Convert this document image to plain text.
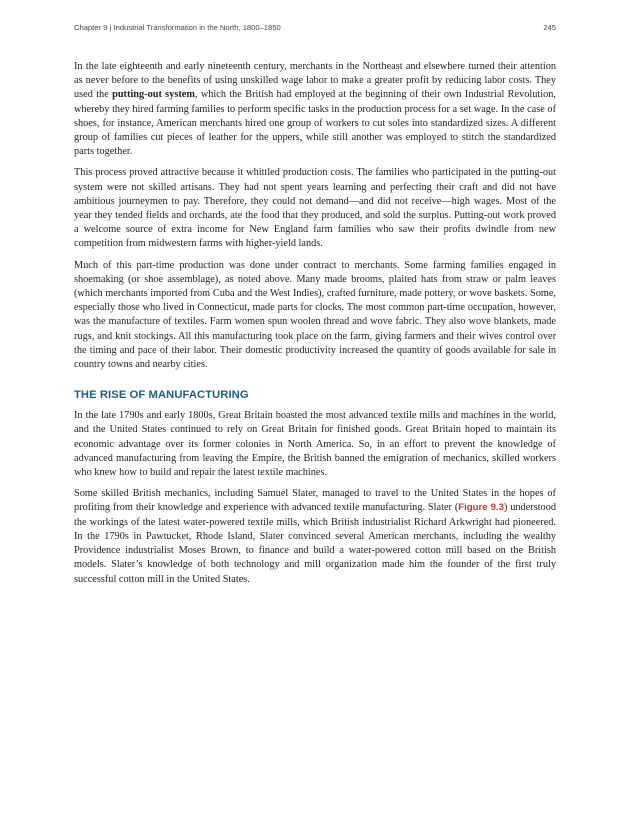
Chapter 9 | Industrial Transformation in the North, 1800–1850	245

In the late eighteenth and early nineteenth century, merchants in the Northeast and elsewhere turned their attention as never before to the benefits of using unskilled wage labor to make a greater profit by reducing labor costs. They used the putting-out system, which the British had employed at the beginning of their own Industrial Revolution, whereby they hired farming families to perform specific tasks in the production process for a set wage. In the case of shoes, for instance, American merchants hired one group of workers to cut soles into standardized sizes. A different group of families cut pieces of leather for the uppers, while still another was employed to stitch the standardized parts together.

This process proved attractive because it whittled production costs. The families who participated in the putting-out system were not skilled artisans. They had not spent years learning and perfecting their craft and did not have ambitious journeymen to pay. Therefore, they could not demand—and did not receive—high wages. Most of the year they tended fields and orchards, ate the food that they produced, and sold the surplus. Putting-out work proved a welcome source of extra income for New England farm families who saw their profits dwindle from new competition from midwestern farms with higher-yield lands.

Much of this part-time production was done under contract to merchants. Some farming families engaged in shoemaking (or shoe assemblage), as noted above. Many made brooms, plaited hats from straw or palm leaves (which merchants imported from Cuba and the West Indies), crafted furniture, made pottery, or wove baskets. Some, especially those who lived in Connecticut, made parts for clocks. The most common part-time occupation, however, was the manufacture of textiles. Farm women spun woolen thread and wove fabric. They also wove blankets, made rugs, and knit stockings. All this manufacturing took place on the farm, giving farmers and their wives control over the timing and pace of their labor. Their domestic productivity increased the quantity of goods available for sale in country towns and nearby cities.

THE RISE OF MANUFACTURING

In the late 1790s and early 1800s, Great Britain boasted the most advanced textile mills and machines in the world, and the United States continued to rely on Great Britain for finished goods. Great Britain hoped to maintain its economic advantage over its former colonies in North America. So, in an effort to prevent the knowledge of advanced manufacturing from leaving the Empire, the British banned the emigration of mechanics, skilled workers who knew how to build and repair the latest textile machines.

Some skilled British mechanics, including Samuel Slater, managed to travel to the United States in the hopes of profiting from their knowledge and experience with advanced textile manufacturing. Slater (Figure 9.3) understood the workings of the latest water-powered textile mills, which British industrialist Richard Arkwright had pioneered. In the 1790s in Pawtucket, Rhode Island, Slater convinced several American merchants, including the wealthy Providence industrialist Moses Brown, to finance and build a water-powered cotton mill based on the British models. Slater’s knowledge of both technology and mill organization made him the founder of the first truly successful cotton mill in the United States.
